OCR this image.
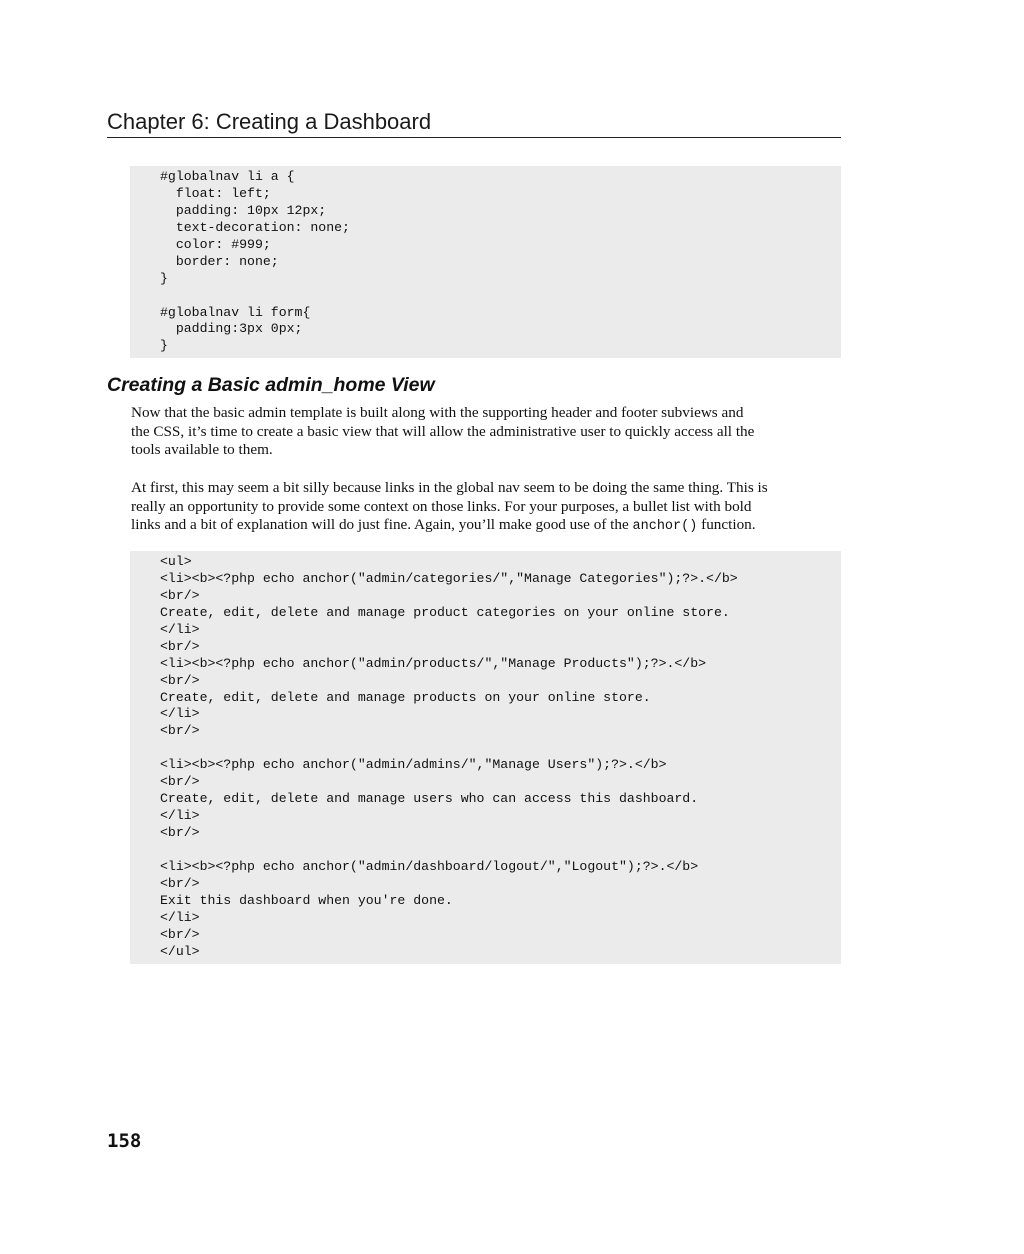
Chapter 6: Creating a Dashboard
#globalnav li a {
float: left;
padding: 10px 12px;
text-decoration: none;
color: #999;
border: none;
}
#globalnav li form{
padding:3px 0px;
}
Creating a Basic admin_home View
Now that the basic admin template is built along with the supporting header and footer subviews and
the CSS, it’s time to create a basic view that will allow the administrative user to quickly access all the
tools available to them.
At first, this may seem a bit silly because links in the global nav seem to be doing the same thing. This is
really an opportunity to provide some context on those links. For your purposes, a bullet list with bold
links and a bit of explanation will do just fine. Again, you’ll make good use of the anchor() function.
<ul>
<li><b><?php echo anchor("admin/categories/","Manage Categories");?>.</b>
<br/>
Create, edit, delete and manage product categories on your online store.
</li>
<br/>
<li><b><?php echo anchor("admin/products/","Manage Products");?>.</b>
<br/>
Create, edit, delete and manage products on your online store.
</li>
<br/>
<li><b><?php echo anchor("admin/admins/","Manage Users");?>.</b>
<br/>
Create, edit, delete and manage users who can access this dashboard.
</li>
<br/>
<li><b><?php echo anchor("admin/dashboard/logout/","Logout");?>.</b>
<br/>
Exit this dashboard when you're done.
</li>
<br/>
</ul>
158
